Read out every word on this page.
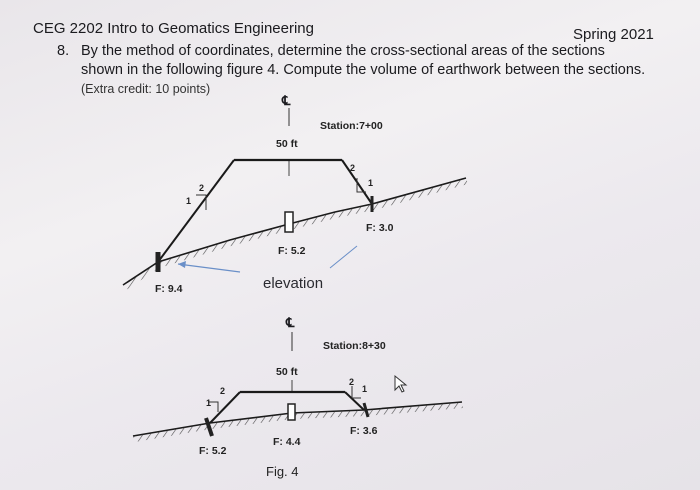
CEG 2202 Intro to Geomatics Engineering	Spring 2021
8. By the method of coordinates, determine the cross-sectional areas of the sections
shown in the following figure 4. Compute the volume of earthwork between the sections.
(Extra credit: 10 points)
℄
Station:7+00
50 ft
2
1
2
1
F: 9.4
F: 5.2
F: 3.0
elevation
℄
Station:8+30
50 ft
2
1
2
1
F: 5.2
F: 4.4
F: 3.6
Fig. 4
